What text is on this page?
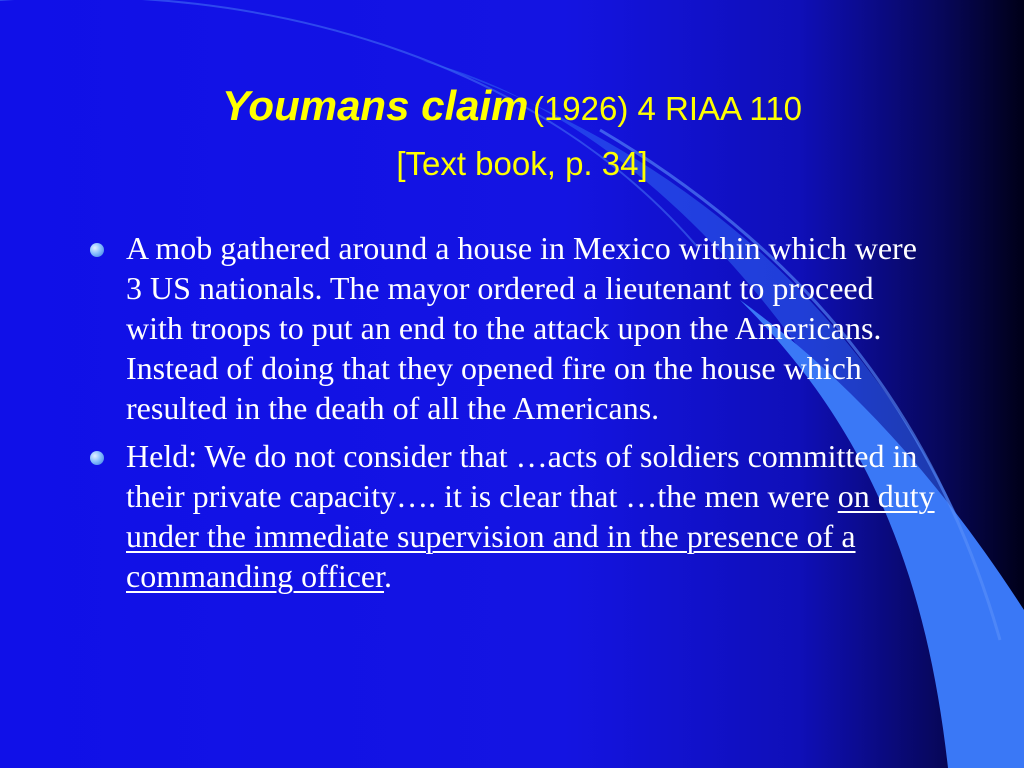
Youmans claim (1926) 4 RIAA 110
[Text book, p. 34]
A mob gathered around a house in Mexico within which were 3 US nationals. The mayor ordered a lieutenant to proceed with troops to put an end to the attack upon the Americans. Instead of doing that they opened fire on the house which resulted in the death of all the Americans.
Held: We do not consider that …acts of soldiers committed in their private capacity…. it is clear that …the men were on duty under the immediate supervision and in the presence of a commanding officer.
